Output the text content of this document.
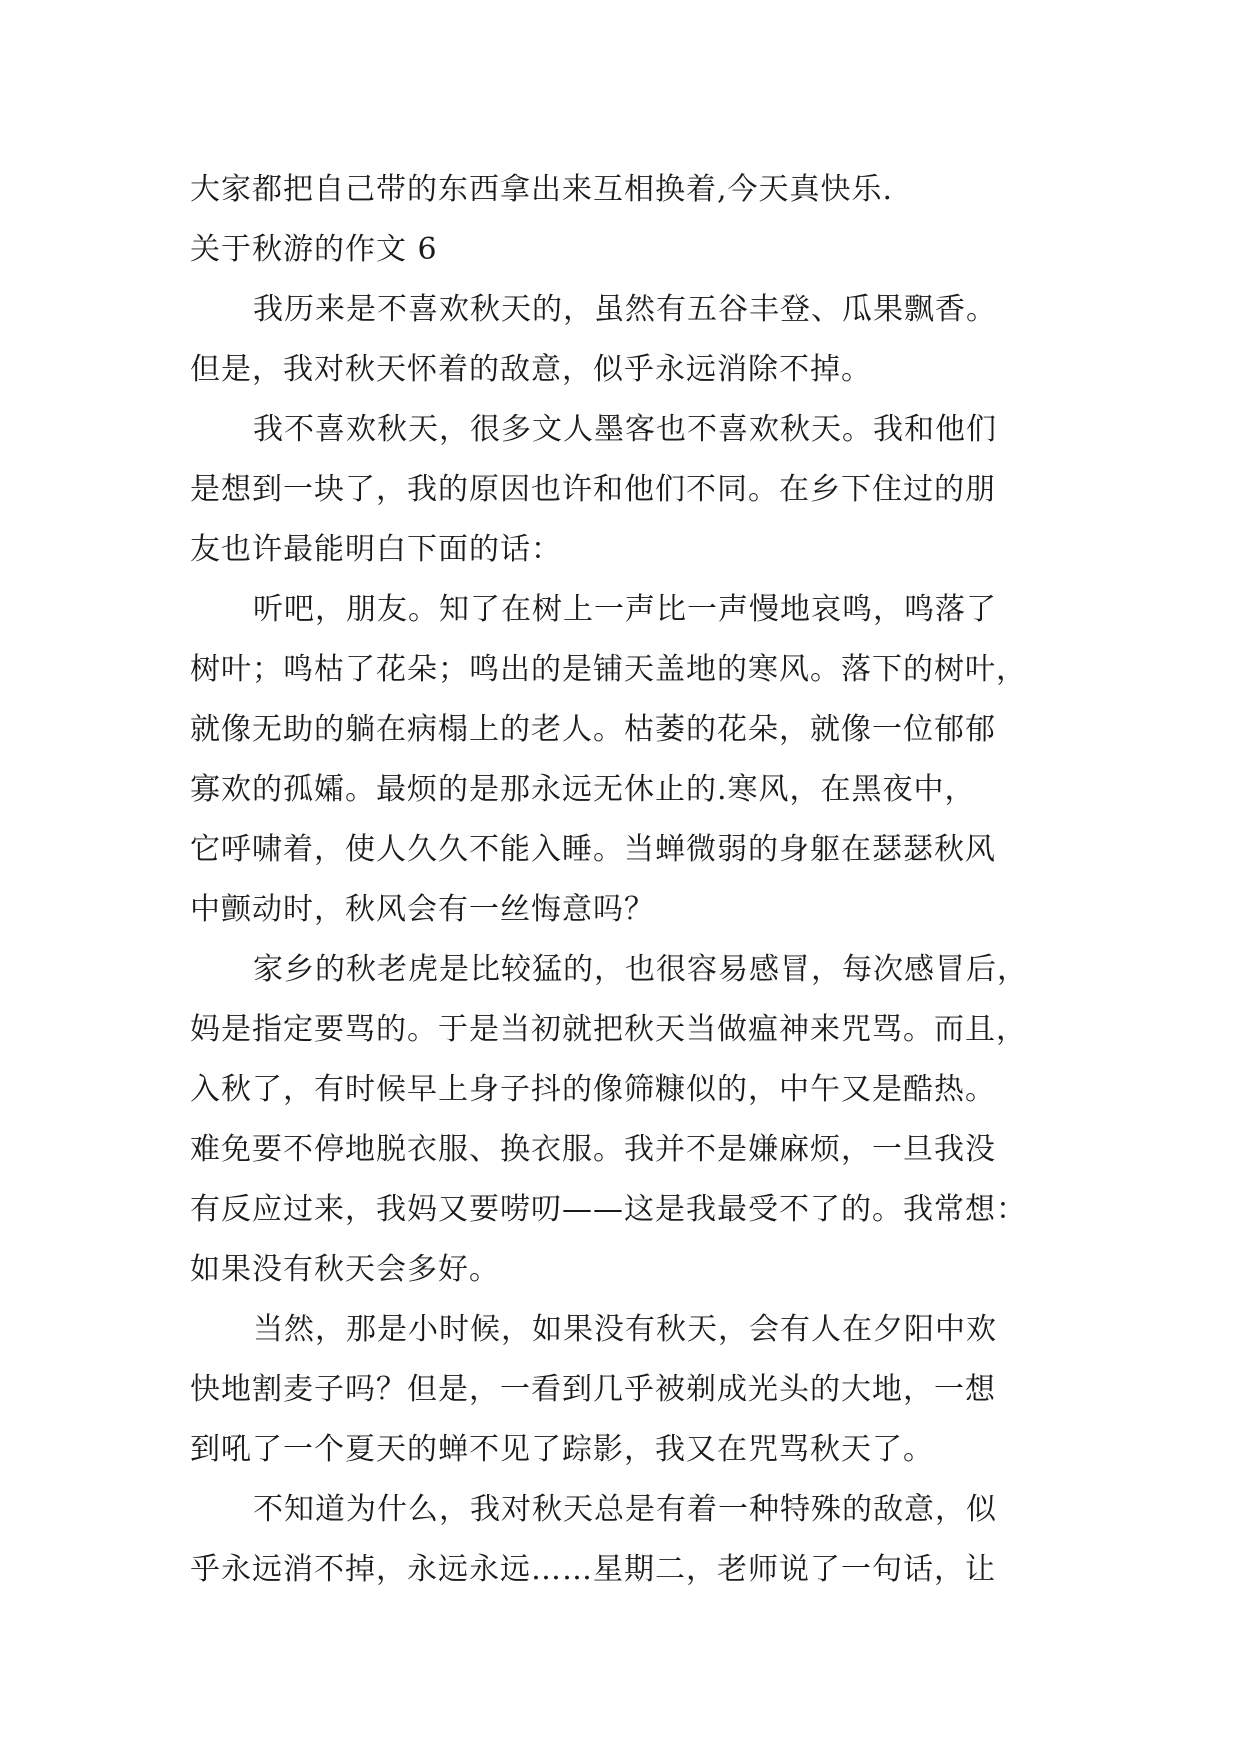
大家都把自己带的东西拿出来互相换着,今天真快乐.
关于秋游的作文 6
我历来是不喜欢秋天的，虽然有五谷丰登、瓜果飘香。
但是，我对秋天怀着的敌意，似乎永远消除不掉。
我不喜欢秋天，很多文人墨客也不喜欢秋天。我和他们
是想到一块了，我的原因也许和他们不同。在乡下住过的朋
友也许最能明白下面的话：
听吧，朋友。知了在树上一声比一声慢地哀鸣，鸣落了
树叶；鸣枯了花朵；鸣出的是铺天盖地的寒风。落下的树叶，
就像无助的躺在病榻上的老人。枯萎的花朵，就像一位郁郁
寡欢的孤孀。最烦的是那永远无休止的.寒风，在黑夜中，
它呼啸着，使人久久不能入睡。当蝉微弱的身躯在瑟瑟秋风
中颤动时，秋风会有一丝悔意吗？
家乡的秋老虎是比较猛的，也很容易感冒，每次感冒后，
妈是指定要骂的。于是当初就把秋天当做瘟神来咒骂。而且，
入秋了，有时候早上身子抖的像筛糠似的，中午又是酷热。
难免要不停地脱衣服、换衣服。我并不是嫌麻烦，一旦我没
有反应过来，我妈又要唠叨——这是我最受不了的。我常想：
如果没有秋天会多好。
当然，那是小时候，如果没有秋天，会有人在夕阳中欢
快地割麦子吗？但是，一看到几乎被剃成光头的大地，一想
到吼了一个夏天的蝉不见了踪影，我又在咒骂秋天了。
不知道为什么，我对秋天总是有着一种特殊的敌意，似
乎永远消不掉，永远永远……星期二，老师说了一句话，让
